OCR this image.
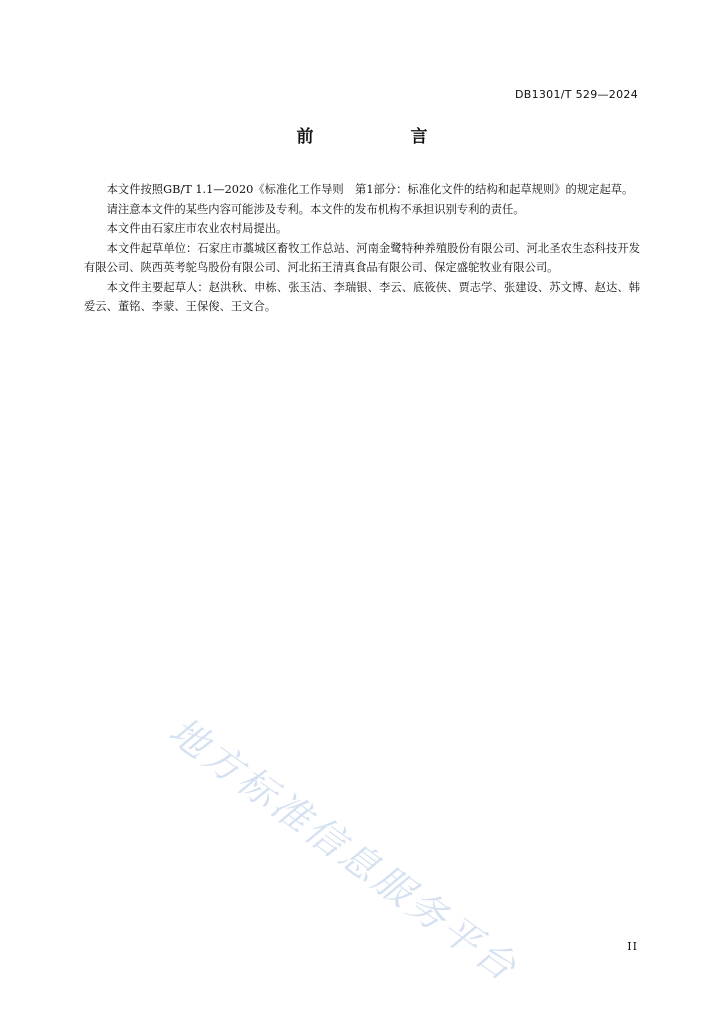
DB1301/T 529—2024
前　言

本文件按照GB/T 1.1—2020《标准化工作导则　第1部分：标准化文件的结构和起草规则》的规定起草。

请注意本文件的某些内容可能涉及专利。本文件的发布机构不承担识别专利的责任。

本文件由石家庄市农业农村局提出。

本文件起草单位：石家庄市藁城区畜牧工作总站、河南金鹭特种养殖股份有限公司、河北圣农生态科技开发有限公司、陕西英考鸵鸟股份有限公司、河北拓王清真食品有限公司、保定盛鸵牧业有限公司。

本文件主要起草人：赵洪秋、申栋、张玉洁、李瑞银、李云、底筱侠、贾志学、张建设、苏文博、赵达、韩爱云、董铭、李蒙、王保俊、王文合。

地方标准信息服务平台	II
